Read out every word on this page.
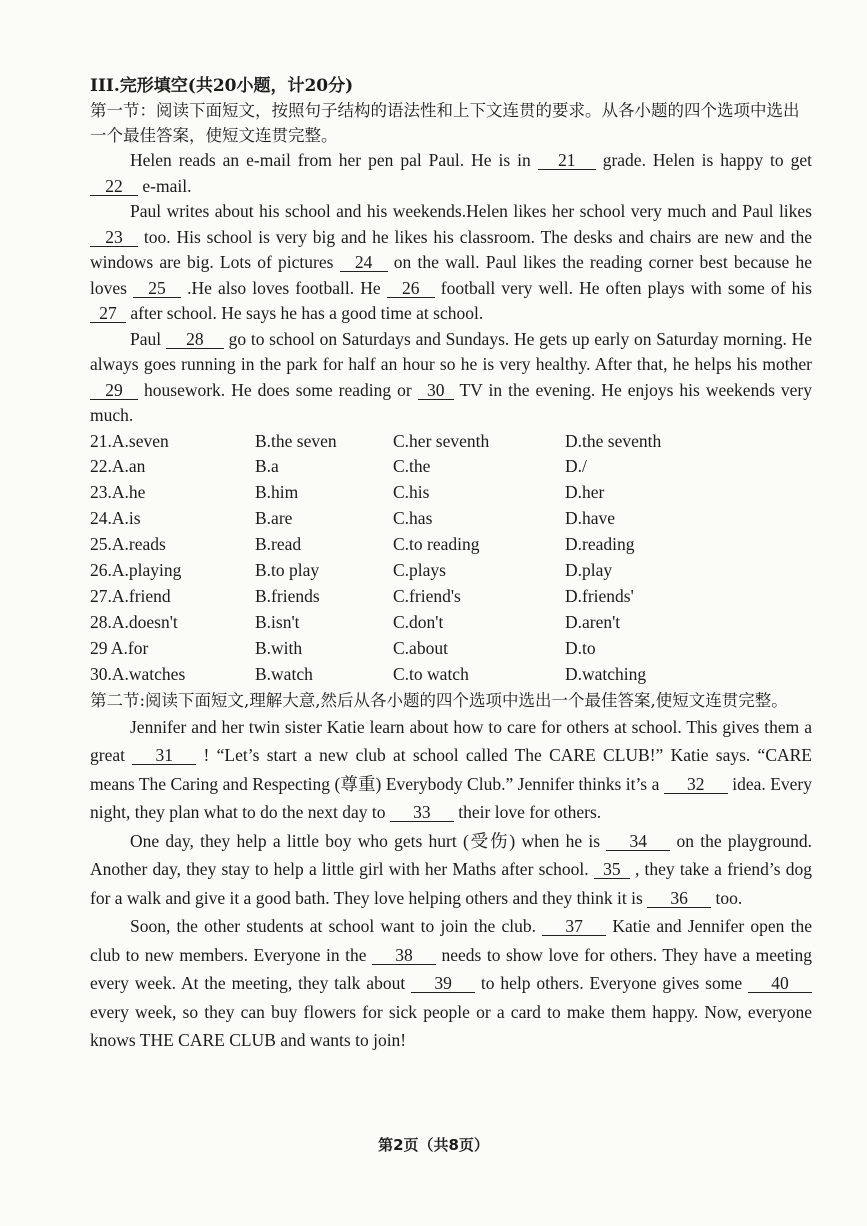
III.完形填空(共20小题，计20分)

第一节：阅读下面短文，按照句子结构的语法性和上下文连贯的要求。从各小题的四个选项中选出一个最佳答案，使短文连贯完整。

Helen reads an e-mail from her pen pal Paul. He is in 21 grade. Helen is happy to get 22 e-mail.

Paul writes about his school and his weekends.Helen likes her school very much and Paul likes 23 too. His school is very big and he likes his classroom. The desks and chairs are new and the windows are big. Lots of pictures 24 on the wall. Paul likes the reading corner best because he loves 25 .He also loves football. He 26 football very well. He often plays with some of his 27 after school. He says he has a good time at school.

Paul 28 go to school on Saturdays and Sundays. He gets up early on Saturday morning. He always goes running in the park for half an hour so he is very healthy. After that, he helps his mother 29 housework. He does some reading or 30 TV in the evening. He enjoys his weekends very much.

21.A.seven	B.the seven	C.her seventh	D.the seventh
22.A.an	B.a	C.the	D./
23.A.he	B.him	C.his	D.her
24.A.is	B.are	C.has	D.have
25.A.reads	B.read	C.to reading	D.reading
26.A.playing	B.to play	C.plays	D.play
27.A.friend	B.friends	C.friend's	D.friends'
28.A.doesn't	B.isn't	C.don't	D.aren't
29 A.for	B.with	C.about	D.to
30.A.watches	B.watch	C.to watch	D.watching

第二节:阅读下面短文,理解大意,然后从各小题的四个选项中选出一个最佳答案,使短文连贯完整。

Jennifer and her twin sister Katie learn about how to care for others at school. This gives them a great 31 ! “Let’s start a new club at school called The CARE CLUB!” Katie says. “CARE means The Caring and Respecting (尊重) Everybody Club.” Jennifer thinks it’s a 32 idea. Every night, they plan what to do the next day to 33 their love for others.

One day, they help a little boy who gets hurt (受伤) when he is 34 on the playground. Another day, they stay to help a little girl with her Maths after school. 35 , they take a friend’s dog for a walk and give it a good bath. They love helping others and they think it is 36 too.

Soon, the other students at school want to join the club. 37 Katie and Jennifer open the club to new members. Everyone in the 38 needs to show love for others. They have a meeting every week. At the meeting, they talk about 39 to help others. Everyone gives some 40 every week, so they can buy flowers for sick people or a card to make them happy. Now, everyone knows THE CARE CLUB and wants to join!

第2页（共8页）
